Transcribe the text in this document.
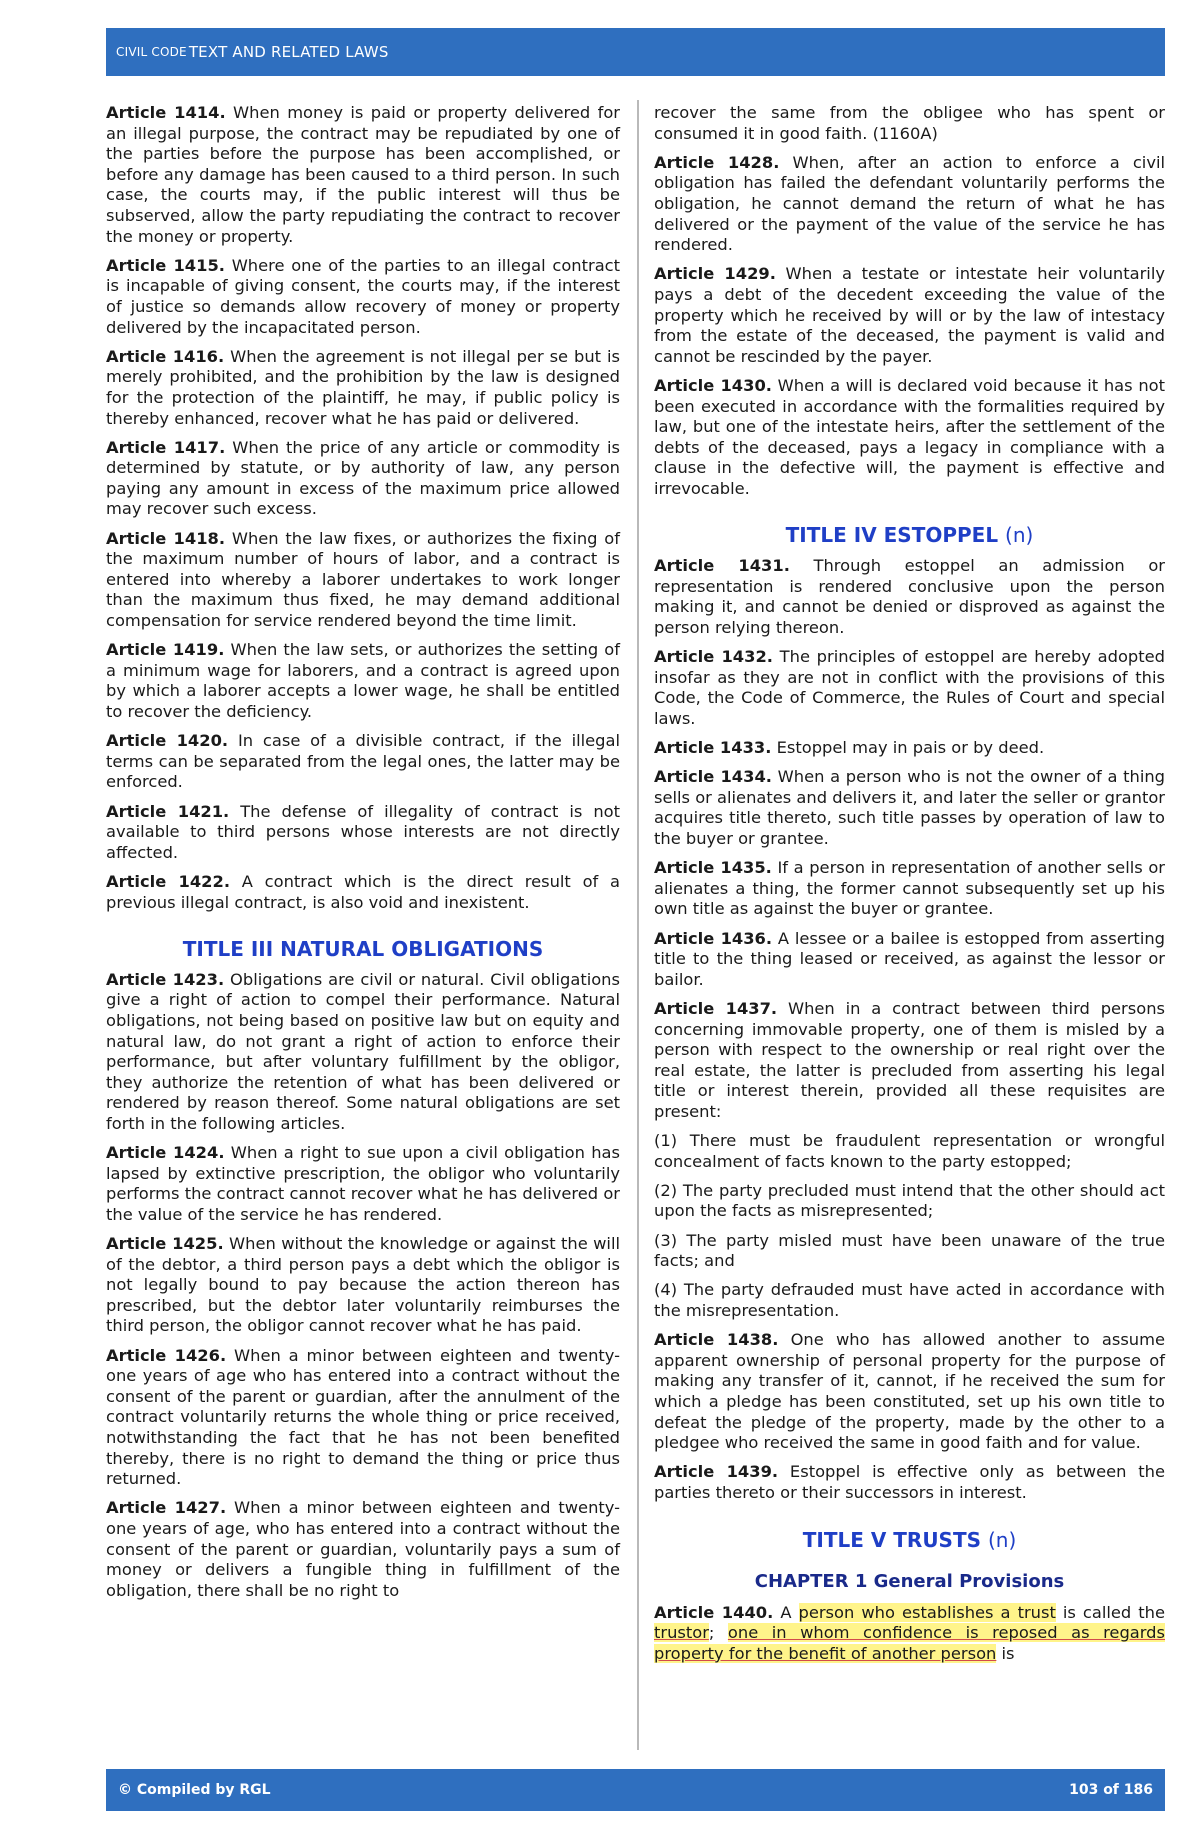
CIVIL CODE TEXT AND RELATED LAWS

Article 1414. When money is paid or property delivered for an illegal purpose, the contract may be repudiated by one of the parties before the purpose has been accomplished, or before any damage has been caused to a third person. In such case, the courts may, if the public interest will thus be subserved, allow the party repudiating the contract to recover the money or property.

Article 1415. Where one of the parties to an illegal contract is incapable of giving consent, the courts may, if the interest of justice so demands allow recovery of money or property delivered by the incapacitated person.

Article 1416. When the agreement is not illegal per se but is merely prohibited, and the prohibition by the law is designed for the protection of the plaintiff, he may, if public policy is thereby enhanced, recover what he has paid or delivered.

Article 1417. When the price of any article or commodity is determined by statute, or by authority of law, any person paying any amount in excess of the maximum price allowed may recover such excess.

Article 1418. When the law fixes, or authorizes the fixing of the maximum number of hours of labor, and a contract is entered into whereby a laborer undertakes to work longer than the maximum thus fixed, he may demand additional compensation for service rendered beyond the time limit.

Article 1419. When the law sets, or authorizes the setting of a minimum wage for laborers, and a contract is agreed upon by which a laborer accepts a lower wage, he shall be entitled to recover the deficiency.

Article 1420. In case of a divisible contract, if the illegal terms can be separated from the legal ones, the latter may be enforced.

Article 1421. The defense of illegality of contract is not available to third persons whose interests are not directly affected.

Article 1422. A contract which is the direct result of a previous illegal contract, is also void and inexistent.

TITLE III NATURAL OBLIGATIONS

Article 1423. Obligations are civil or natural. Civil obligations give a right of action to compel their performance. Natural obligations, not being based on positive law but on equity and natural law, do not grant a right of action to enforce their performance, but after voluntary fulfillment by the obligor, they authorize the retention of what has been delivered or rendered by reason thereof. Some natural obligations are set forth in the following articles.

Article 1424. When a right to sue upon a civil obligation has lapsed by extinctive prescription, the obligor who voluntarily performs the contract cannot recover what he has delivered or the value of the service he has rendered.

Article 1425. When without the knowledge or against the will of the debtor, a third person pays a debt which the obligor is not legally bound to pay because the action thereon has prescribed, but the debtor later voluntarily reimburses the third person, the obligor cannot recover what he has paid.

Article 1426. When a minor between eighteen and twenty-one years of age who has entered into a contract without the consent of the parent or guardian, after the annulment of the contract voluntarily returns the whole thing or price received, notwithstanding the fact that he has not been benefited thereby, there is no right to demand the thing or price thus returned.

Article 1427. When a minor between eighteen and twenty-one years of age, who has entered into a contract without the consent of the parent or guardian, voluntarily pays a sum of money or delivers a fungible thing in fulfillment of the obligation, there shall be no right to

recover the same from the obligee who has spent or consumed it in good faith. (1160A)

Article 1428. When, after an action to enforce a civil obligation has failed the defendant voluntarily performs the obligation, he cannot demand the return of what he has delivered or the payment of the value of the service he has rendered.

Article 1429. When a testate or intestate heir voluntarily pays a debt of the decedent exceeding the value of the property which he received by will or by the law of intestacy from the estate of the deceased, the payment is valid and cannot be rescinded by the payer.

Article 1430. When a will is declared void because it has not been executed in accordance with the formalities required by law, but one of the intestate heirs, after the settlement of the debts of the deceased, pays a legacy in compliance with a clause in the defective will, the payment is effective and irrevocable.

TITLE IV ESTOPPEL (n)

Article 1431. Through estoppel an admission or representation is rendered conclusive upon the person making it, and cannot be denied or disproved as against the person relying thereon.

Article 1432. The principles of estoppel are hereby adopted insofar as they are not in conflict with the provisions of this Code, the Code of Commerce, the Rules of Court and special laws.

Article 1433. Estoppel may in pais or by deed.

Article 1434. When a person who is not the owner of a thing sells or alienates and delivers it, and later the seller or grantor acquires title thereto, such title passes by operation of law to the buyer or grantee.

Article 1435. If a person in representation of another sells or alienates a thing, the former cannot subsequently set up his own title as against the buyer or grantee.

Article 1436. A lessee or a bailee is estopped from asserting title to the thing leased or received, as against the lessor or bailor.

Article 1437. When in a contract between third persons concerning immovable property, one of them is misled by a person with respect to the ownership or real right over the real estate, the latter is precluded from asserting his legal title or interest therein, provided all these requisites are present:

(1) There must be fraudulent representation or wrongful concealment of facts known to the party estopped;

(2) The party precluded must intend that the other should act upon the facts as misrepresented;

(3) The party misled must have been unaware of the true facts; and

(4) The party defrauded must have acted in accordance with the misrepresentation.

Article 1438. One who has allowed another to assume apparent ownership of personal property for the purpose of making any transfer of it, cannot, if he received the sum for which a pledge has been constituted, set up his own title to defeat the pledge of the property, made by the other to a pledgee who received the same in good faith and for value.

Article 1439. Estoppel is effective only as between the parties thereto or their successors in interest.

TITLE V TRUSTS (n)
CHAPTER 1 General Provisions

Article 1440. A person who establishes a trust is called the trustor; one in whom confidence is reposed as regards property for the benefit of another person is

© Compiled by RGL	103 of 186
